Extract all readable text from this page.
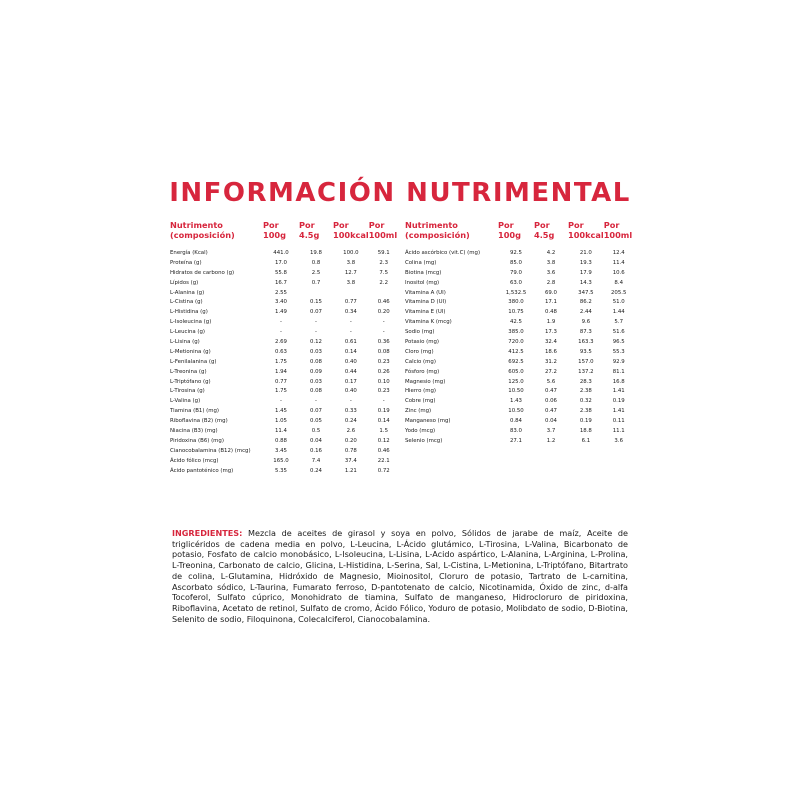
INFORMACIÓN NUTRIMENTAL
Nutrimento (composición)	Por 100g	Por 4.5g	Por 100kcal	Por 100ml
Energía (Kcal)	441.0	19.8	100.0	59.1
Proteína (g)	17.0	0.8	3.8	2.3
Hidratos de carbono (g)	55.8	2.5	12.7	7.5
Lípidos (g)	16.7	0.7	3.8	2.2
L-Alanina (g)	2.55			
L-Cistina (g)	3.40	0.15	0.77	0.46
L-Histidina (g)	1.49	0.07	0.34	0.20
L-Isoleucina (g)	-	-	-	-
L-Leucina (g)	-	-	-	-
L-Lisina (g)	2.69	0.12	0.61	0.36
L-Metionina (g)	0.63	0.03	0.14	0.08
L-Fenilalanina (g)	1.75	0.08	0.40	0.23
L-Treonina (g)	1.94	0.09	0.44	0.26
L-Triptófano (g)	0.77	0.03	0.17	0.10
L-Tirosina (g)	1.75	0.08	0.40	0.23
L-Valina (g)	-	-	-	-
Tiamina (B1) (mg)	1.45	0.07	0.33	0.19
Riboflavina (B2) (mg)	1.05	0.05	0.24	0.14
Niacina (B3) (mg)	11.4	0.5	2.6	1.5
Piridoxina (B6) (mg)	0.88	0.04	0.20	0.12
Cianocobalamina (B12) (mcg)	3.45	0.16	0.78	0.46
Ácido fólico (mcg)	165.0	7.4	37.4	22.1
Ácido pantoténico (mg)	5.35	0.24	1.21	0.72
Nutrimento (composición)	Por 100g	Por 4.5g	Por 100kcal	Por 100ml
Ácido ascórbico (vit.C) (mg)	92.5	4.2	21.0	12.4
Colina (mg)	85.0	3.8	19.3	11.4
Biotina (mcg)	79.0	3.6	17.9	10.6
Inositol (mg)	63.0	2.8	14.3	8.4
Vitamina A (UI)	1,532.5	69.0	347.5	205.5
Vitamina D (UI)	380.0	17.1	86.2	51.0
Vitamina E (UI)	10.75	0.48	2.44	1.44
Vitamina K (mcg)	42.5	1.9	9.6	5.7
Sodio (mg)	385.0	17.3	87.3	51.6
Potasio (mg)	720.0	32.4	163.3	96.5
Cloro (mg)	412.5	18.6	93.5	55.3
Calcio (mg)	692.5	31.2	157.0	92.9
Fósforo (mg)	605.0	27.2	137.2	81.1
Magnesio (mg)	125.0	5.6	28.3	16.8
Hierro (mg)	10.50	0.47	2.38	1.41
Cobre (mg)	1.43	0.06	0.32	0.19
Zinc (mg)	10.50	0.47	2.38	1.41
Manganeso (mg)	0.84	0.04	0.19	0.11
Yodo (mcg)	83.0	3.7	18.8	11.1
Selenio (mcg)	27.1	1.2	6.1	3.6
INGREDIENTES: Mezcla de aceites de girasol y soya en polvo, Sólidos de jarabe de maíz, Aceite de triglicéridos de cadena media en polvo, L-Leucina, L-Ácido glutámico, L-Tirosina, L-Valina, Bicarbonato de potasio, Fosfato de calcio monobásico, L-Isoleucina, L-Lisina, L-Acido aspártico, L-Alanina, L-Arginina, L-Prolina, L-Treonina, Carbonato de calcio, Glicina, L-Histidina, L-Serina, Sal, L-Cistina, L-Metionina, L-Triptófano, Bitartrato de colina, L-Glutamina, Hidróxido de Magnesio, Mioinositol, Cloruro de potasio, Tartrato de L-carnitina, Ascorbato sódico, L-Taurina, Fumarato ferroso, D-pantotenato de calcio, Nicotinamida, Óxido de zinc, d-alfa Tocoferol, Sulfato cúprico, Monohidrato de tiamina, Sulfato de manganeso, Hidrocloruro de piridoxina, Riboflavina, Acetato de retinol, Sulfato de cromo, Ácido Fólico, Yoduro de potasio, Molibdato de sodio, D-Biotina, Selenito de sodio, Filoquinona, Colecalciferol, Cianocobalamina.
